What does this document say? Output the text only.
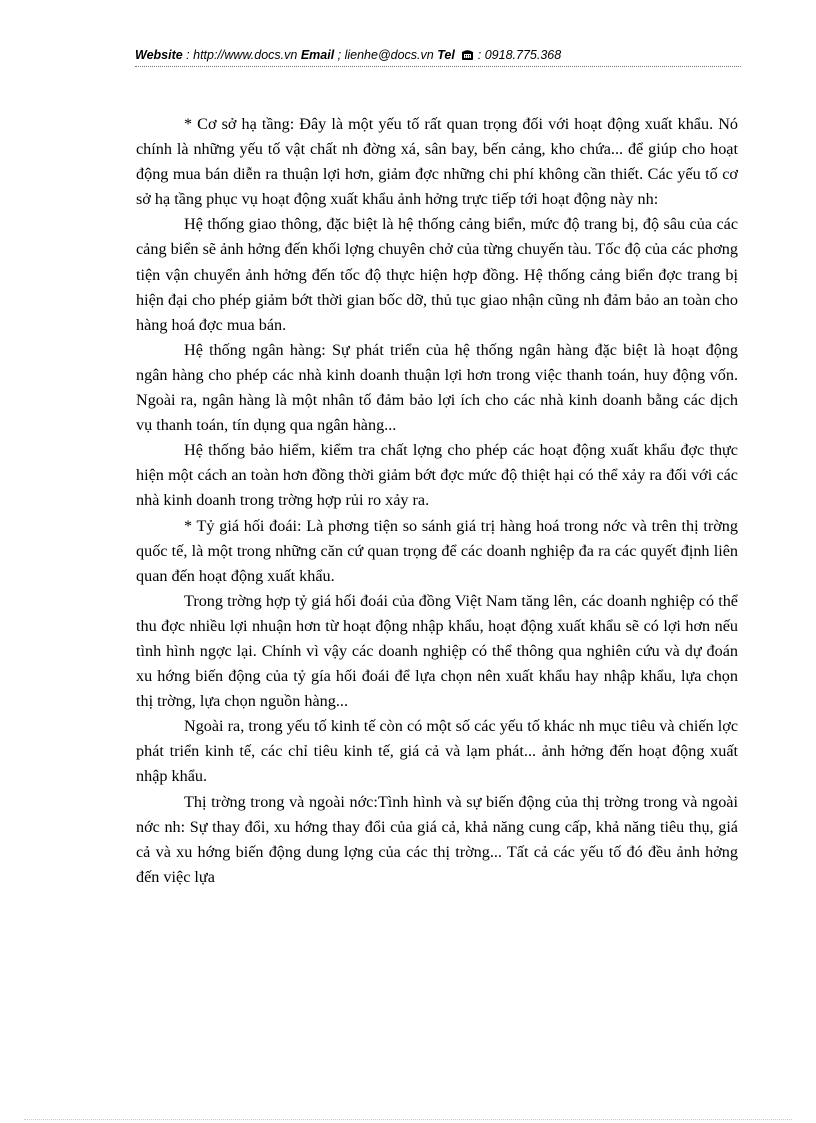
Website : http://www.docs.vn Email ; lienhe@docs.vn Tel  : 0918.775.368

* Cơ sở hạ tầng: Đây là một yếu tố rất quan trọng đối với hoạt động xuất khẩu. Nó chính là những yếu tố vật chất nh đờng xá, sân bay, bến cảng, kho chứa... để giúp cho hoạt động mua bán diễn ra thuận lợi hơn, giảm đợc những chi phí không cần thiết. Các yếu tố cơ sở hạ tầng phục vụ hoạt động xuất khẩu ảnh hởng trực tiếp tới hoạt động này nh:

Hệ thống giao thông, đặc biệt là hệ thống cảng biển, mức độ trang bị, độ sâu của các cảng biển sẽ ảnh hởng đến khối lợng chuyên chở của từng chuyến tàu. Tốc độ của các phơng tiện vận chuyển ảnh hởng đến tốc độ thực hiện hợp đồng. Hệ thống cảng biển đợc trang bị hiện đại cho phép giảm bớt thời gian bốc dỡ, thủ tục giao nhận cũng nh đảm bảo an toàn cho hàng hoá đợc mua bán.

Hệ thống ngân hàng: Sự phát triển của hệ thống ngân hàng đặc biệt là hoạt động ngân hàng cho phép các nhà kinh doanh thuận lợi hơn trong việc thanh toán, huy động vốn. Ngoài ra, ngân hàng là một nhân tố đảm bảo lợi ích cho các nhà kinh doanh bằng các dịch vụ thanh toán, tín dụng qua ngân hàng...

Hệ thống bảo hiểm, kiểm tra chất lợng cho phép các hoạt động xuất khẩu đợc thực hiện một cách an toàn hơn đồng thời giảm bớt đợc mức độ thiệt hại có thể xảy ra đối với các nhà kinh doanh trong trờng hợp rủi ro xảy ra.

* Tỷ giá hối đoái: Là phơng tiện so sánh giá trị hàng hoá trong nớc và trên thị trờng quốc tế, là một trong những căn cứ quan trọng để các doanh nghiệp đa ra các quyết định liên quan đến hoạt động xuất khẩu.

Trong trờng hợp tỷ giá hối đoái của đồng Việt Nam tăng lên, các doanh nghiệp có thể thu đợc nhiều lợi nhuận hơn từ hoạt động nhập khẩu, hoạt động xuất khẩu sẽ có lợi hơn nếu tình hình ngợc lại. Chính vì vậy các doanh nghiệp có thể thông qua nghiên cứu và dự đoán xu hớng biến động của tỷ gía hối đoái để lựa chọn nên xuất khẩu hay nhập khẩu, lựa chọn thị trờng, lựa chọn nguồn hàng...

Ngoài ra, trong yếu tố kinh tế còn có một số các yếu tố khác nh mục tiêu và chiến lợc phát triển kinh tế, các chỉ tiêu kinh tế, giá cả và lạm phát... ảnh hởng đến hoạt động xuất nhập khẩu.

Thị trờng trong và ngoài nớc:Tình hình và sự biến động của thị trờng trong và ngoài nớc nh: Sự thay đổi, xu hớng thay đổi của giá cả, khả năng cung cấp, khả năng tiêu thụ, giá cả và xu hớng biến động dung lợng của các thị trờng... Tất cả các yếu tố đó đều ảnh hởng đến việc lựa
